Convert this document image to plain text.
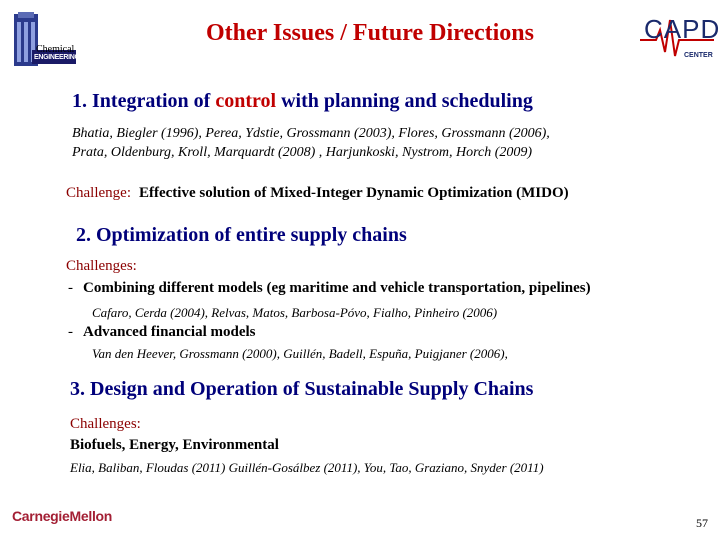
Chemical
ENGINEERING
Other Issues / Future Directions	CAPD
CENTER
1. Integration of control with planning and scheduling
Bhatia, Biegler (1996), Perea, Ydstie, Grossmann (2003), Flores, Grossmann (2006),
Prata, Oldenburg, Kroll, Marquardt (2008) , Harjunkoski, Nystrom, Horch (2009)
Challenge: Effective solution of Mixed-Integer Dynamic Optimization (MIDO)
2. Optimization of entire supply chains
Challenges:
- Combining different models (eg maritime and vehicle transportation, pipelines)
Cafaro, Cerda (2004), Relvas, Matos, Barbosa-Póvo, Fialho, Pinheiro (2006)
- Advanced financial models
Van den Heever, Grossmann (2000), Guillén, Badell, Espuña, Puigjaner (2006),
3. Design and Operation of Sustainable Supply Chains
Challenges:
Biofuels, Energy, Environmental
Elia, Baliban, Floudas (2011) Guillén-Gosálbez (2011), You, Tao, Graziano, Snyder (2011)
CarnegieMellon	57
